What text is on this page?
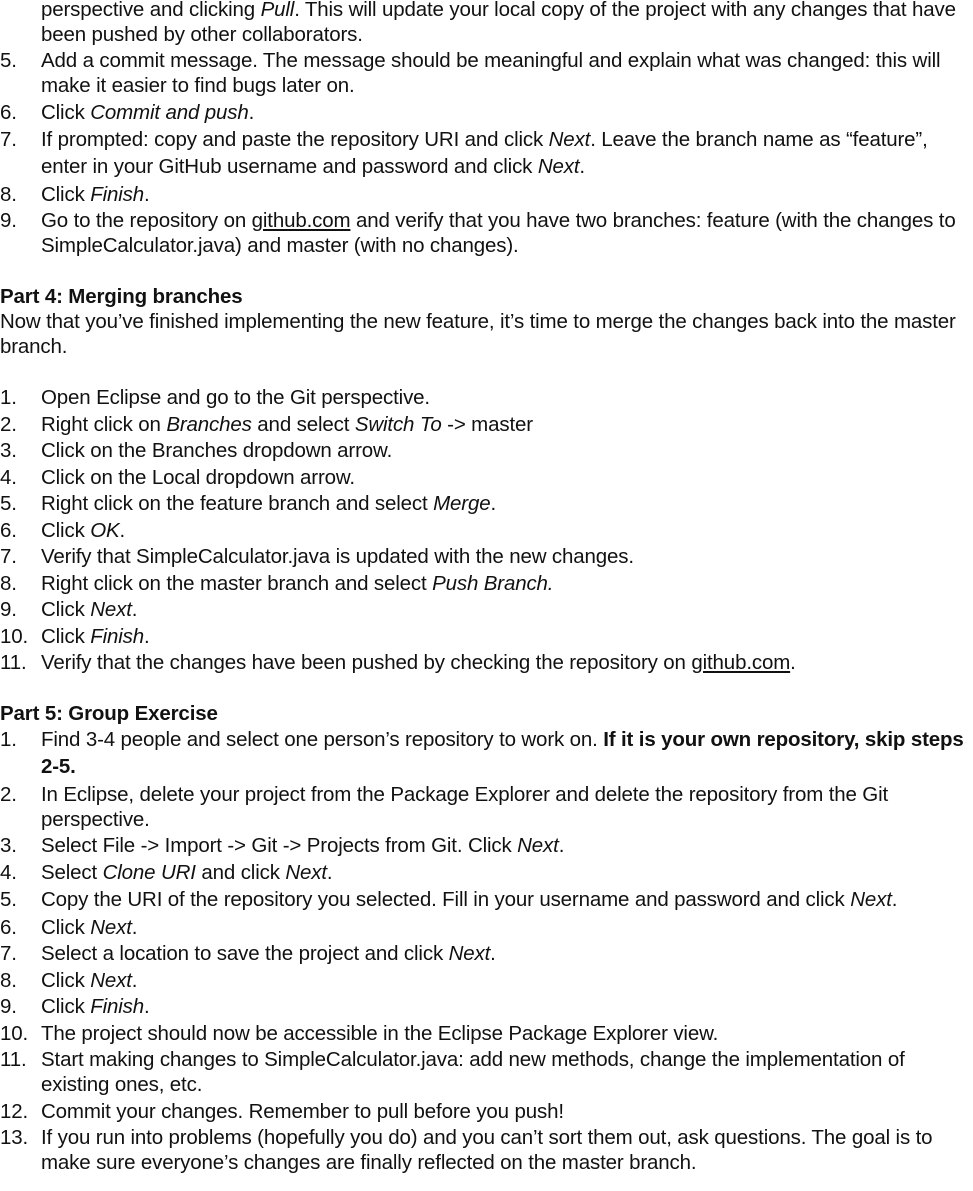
perspective and clicking Pull. This will update your local copy of the project with any changes that have been pushed by other collaborators.
5. Add a commit message. The message should be meaningful and explain what was changed: this will make it easier to find bugs later on.
6. Click Commit and push.
7. If prompted: copy and paste the repository URI and click Next. Leave the branch name as “feature”, enter in your GitHub username and password and click Next.
8. Click Finish.
9. Go to the repository on github.com and verify that you have two branches: feature (with the changes to SimpleCalculator.java) and master (with no changes).

Part 4: Merging branches

Now that you’ve finished implementing the new feature, it’s time to merge the changes back into the master branch.

1. Open Eclipse and go to the Git perspective.
2. Right click on Branches and select Switch To -> master
3. Click on the Branches dropdown arrow.
4. Click on the Local dropdown arrow.
5. Right click on the feature branch and select Merge.
6. Click OK.
7. Verify that SimpleCalculator.java is updated with the new changes.
8. Right click on the master branch and select Push Branch.
9. Click Next.
10. Click Finish.
11. Verify that the changes have been pushed by checking the repository on github.com.

Part 5: Group Exercise

1. Find 3-4 people and select one person’s repository to work on. If it is your own repository, skip steps 2-5.
2. In Eclipse, delete your project from the Package Explorer and delete the repository from the Git perspective.
3. Select File -> Import -> Git -> Projects from Git. Click Next.
4. Select Clone URI and click Next.
5. Copy the URI of the repository you selected. Fill in your username and password and click Next.
6. Click Next.
7. Select a location to save the project and click Next.
8. Click Next.
9. Click Finish.
10. The project should now be accessible in the Eclipse Package Explorer view.
11. Start making changes to SimpleCalculator.java: add new methods, change the implementation of existing ones, etc.
12. Commit your changes. Remember to pull before you push!
13. If you run into problems (hopefully you do) and you can’t sort them out, ask questions. The goal is to make sure everyone’s changes are finally reflected on the master branch.
